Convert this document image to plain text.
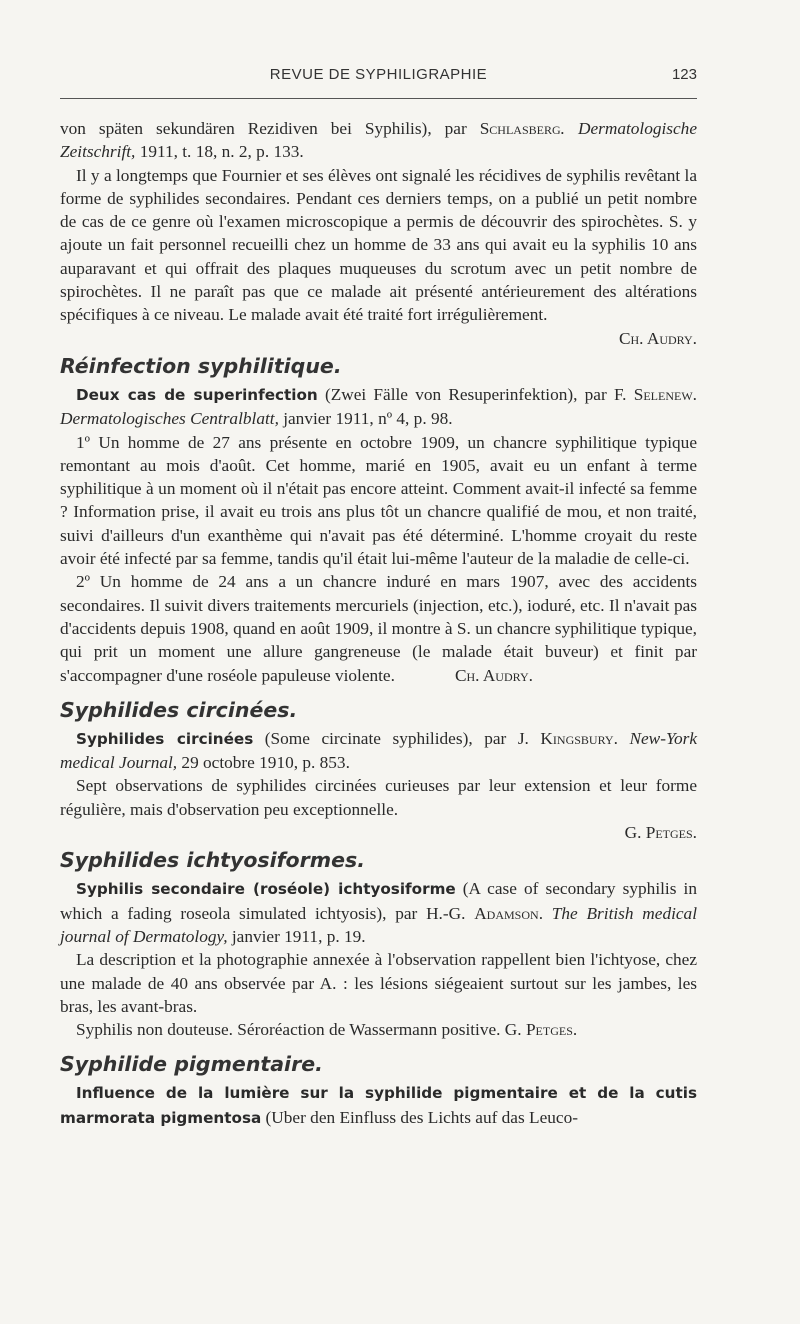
REVUE DE SYPHILIGRAPHIE	123

von späten sekundären Rezidiven bei Syphilis), par Schlasberg. Dermatologische Zeitschrift, 1911, t. 18, n. 2, p. 133.

Il y a longtemps que Fournier et ses élèves ont signalé les récidives de syphilis revêtant la forme de syphilides secondaires. Pendant ces derniers temps, on a publié un petit nombre de cas de ce genre où l'examen microscopique a permis de découvrir des spirochètes. S. y ajoute un fait personnel recueilli chez un homme de 33 ans qui avait eu la syphilis 10 ans auparavant et qui offrait des plaques muqueuses du scrotum avec un petit nombre de spirochètes. Il ne paraît pas que ce malade ait présenté antérieurement des altérations spécifiques à ce niveau. Le malade avait été traité fort irrégulièrement.

Ch. Audry.

Réinfection syphilitique.

Deux cas de superinfection (Zwei Fälle von Resuperinfektion), par F. Selenew. Dermatologisches Centralblatt, janvier 1911, nº 4, p. 98.

1º Un homme de 27 ans présente en octobre 1909, un chancre syphilitique typique remontant au mois d'août. Cet homme, marié en 1905, avait eu un enfant à terme syphilitique à un moment où il n'était pas encore atteint. Comment avait-il infecté sa femme ? Information prise, il avait eu trois ans plus tôt un chancre qualifié de mou, et non traité, suivi d'ailleurs d'un exanthème qui n'avait pas été déterminé. L'homme croyait du reste avoir été infecté par sa femme, tandis qu'il était lui-même l'auteur de la maladie de celle-ci.

2º Un homme de 24 ans a un chancre induré en mars 1907, avec des accidents secondaires. Il suivit divers traitements mercuriels (injection, etc.), ioduré, etc. Il n'avait pas d'accidents depuis 1908, quand en août 1909, il montre à S. un chancre syphilitique typique, qui prit un moment une allure gangreneuse (le malade était buveur) et finit par s'accompagner d'une roséole papuleuse violente.	Ch. Audry.

Syphilides circinées.

Syphilides circinées (Some circinate syphilides), par J. Kingsbury. New-York medical Journal, 29 octobre 1910, p. 853.

Sept observations de syphilides circinées curieuses par leur extension et leur forme régulière, mais d'observation peu exceptionnelle.

G. Petges.

Syphilides ichtyosiformes.

Syphilis secondaire (roséole) ichtyosiforme (A case of secondary syphilis in which a fading roseola simulated ichtyosis), par H.-G. Adamson. The British medical journal of Dermatology, janvier 1911, p. 19.

La description et la photographie annexée à l'observation rappellent bien l'ichtyose, chez une malade de 40 ans observée par A. : les lésions siégeaient surtout sur les jambes, les bras, les avant-bras.

Syphilis non douteuse. Séroréaction de Wassermann positive. G. Petges.

Syphilide pigmentaire.

Influence de la lumière sur la syphilide pigmentaire et de la cutis marmorata pigmentosa (Uber den Einfluss des Lichts auf das Leuco-
